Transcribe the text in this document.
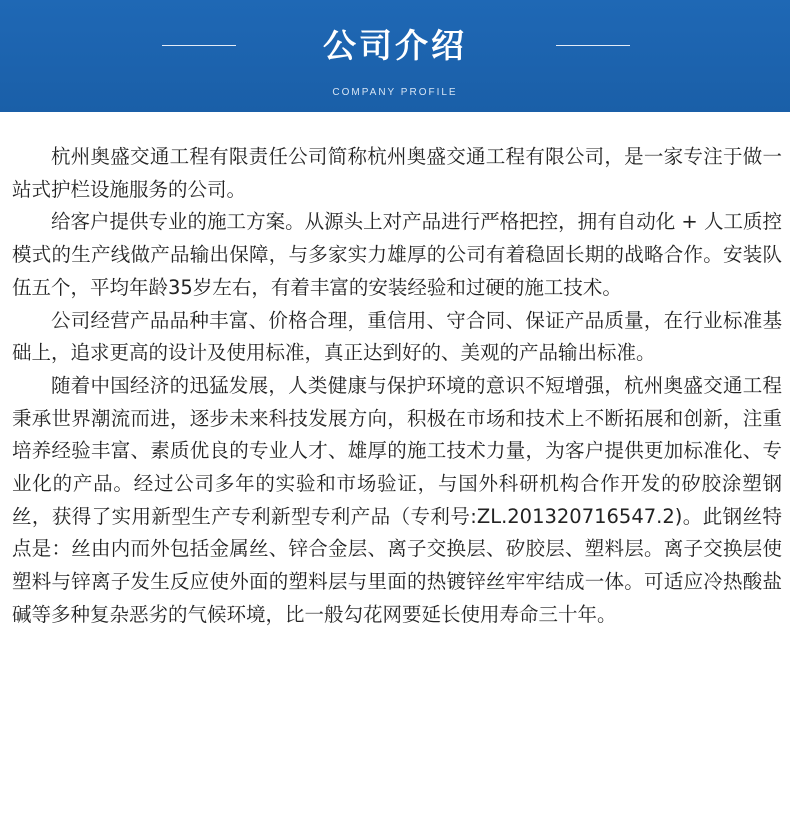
公司介绍
COMPANY PROFILE

杭州奥盛交通工程有限责任公司简称杭州奥盛交通工程有限公司，是一家专注于做一站式护栏设施服务的公司。

给客户提供专业的施工方案。从源头上对产品进行严格把控，拥有自动化 + 人工质控模式的生产线做产品输出保障，与多家实力雄厚的公司有着稳固长期的战略合作。安装队伍五个，平均年龄35岁左右，有着丰富的安装经验和过硬的施工技术。

公司经营产品品种丰富、价格合理，重信用、守合同、保证产品质量，在行业标准基础上，追求更高的设计及使用标准，真正达到好的、美观的产品输出标准。

随着中国经济的迅猛发展，人类健康与保护环境的意识不短增强，杭州奥盛交通工程秉承世界潮流而进，逐步未来科技发展方向，积极在市场和技术上不断拓展和创新，注重培养经验丰富、素质优良的专业人才、雄厚的施工技术力量，为客户提供更加标准化、专业化的产品。经过公司多年的实验和市场验证，与国外科研机构合作开发的矽胶涂塑钢丝，获得了实用新型生产专利新型专利产品（专利号:ZL.201320716547.2)。此钢丝特点是：丝由内而外包括金属丝、锌合金层、离子交换层、矽胶层、塑料层。离子交换层使塑料与锌离子发生反应使外面的塑料层与里面的热镀锌丝牢牢结成一体。可适应冷热酸盐碱等多种复杂恶劣的气候环境，比一般勾花网要延长使用寿命三十年。
